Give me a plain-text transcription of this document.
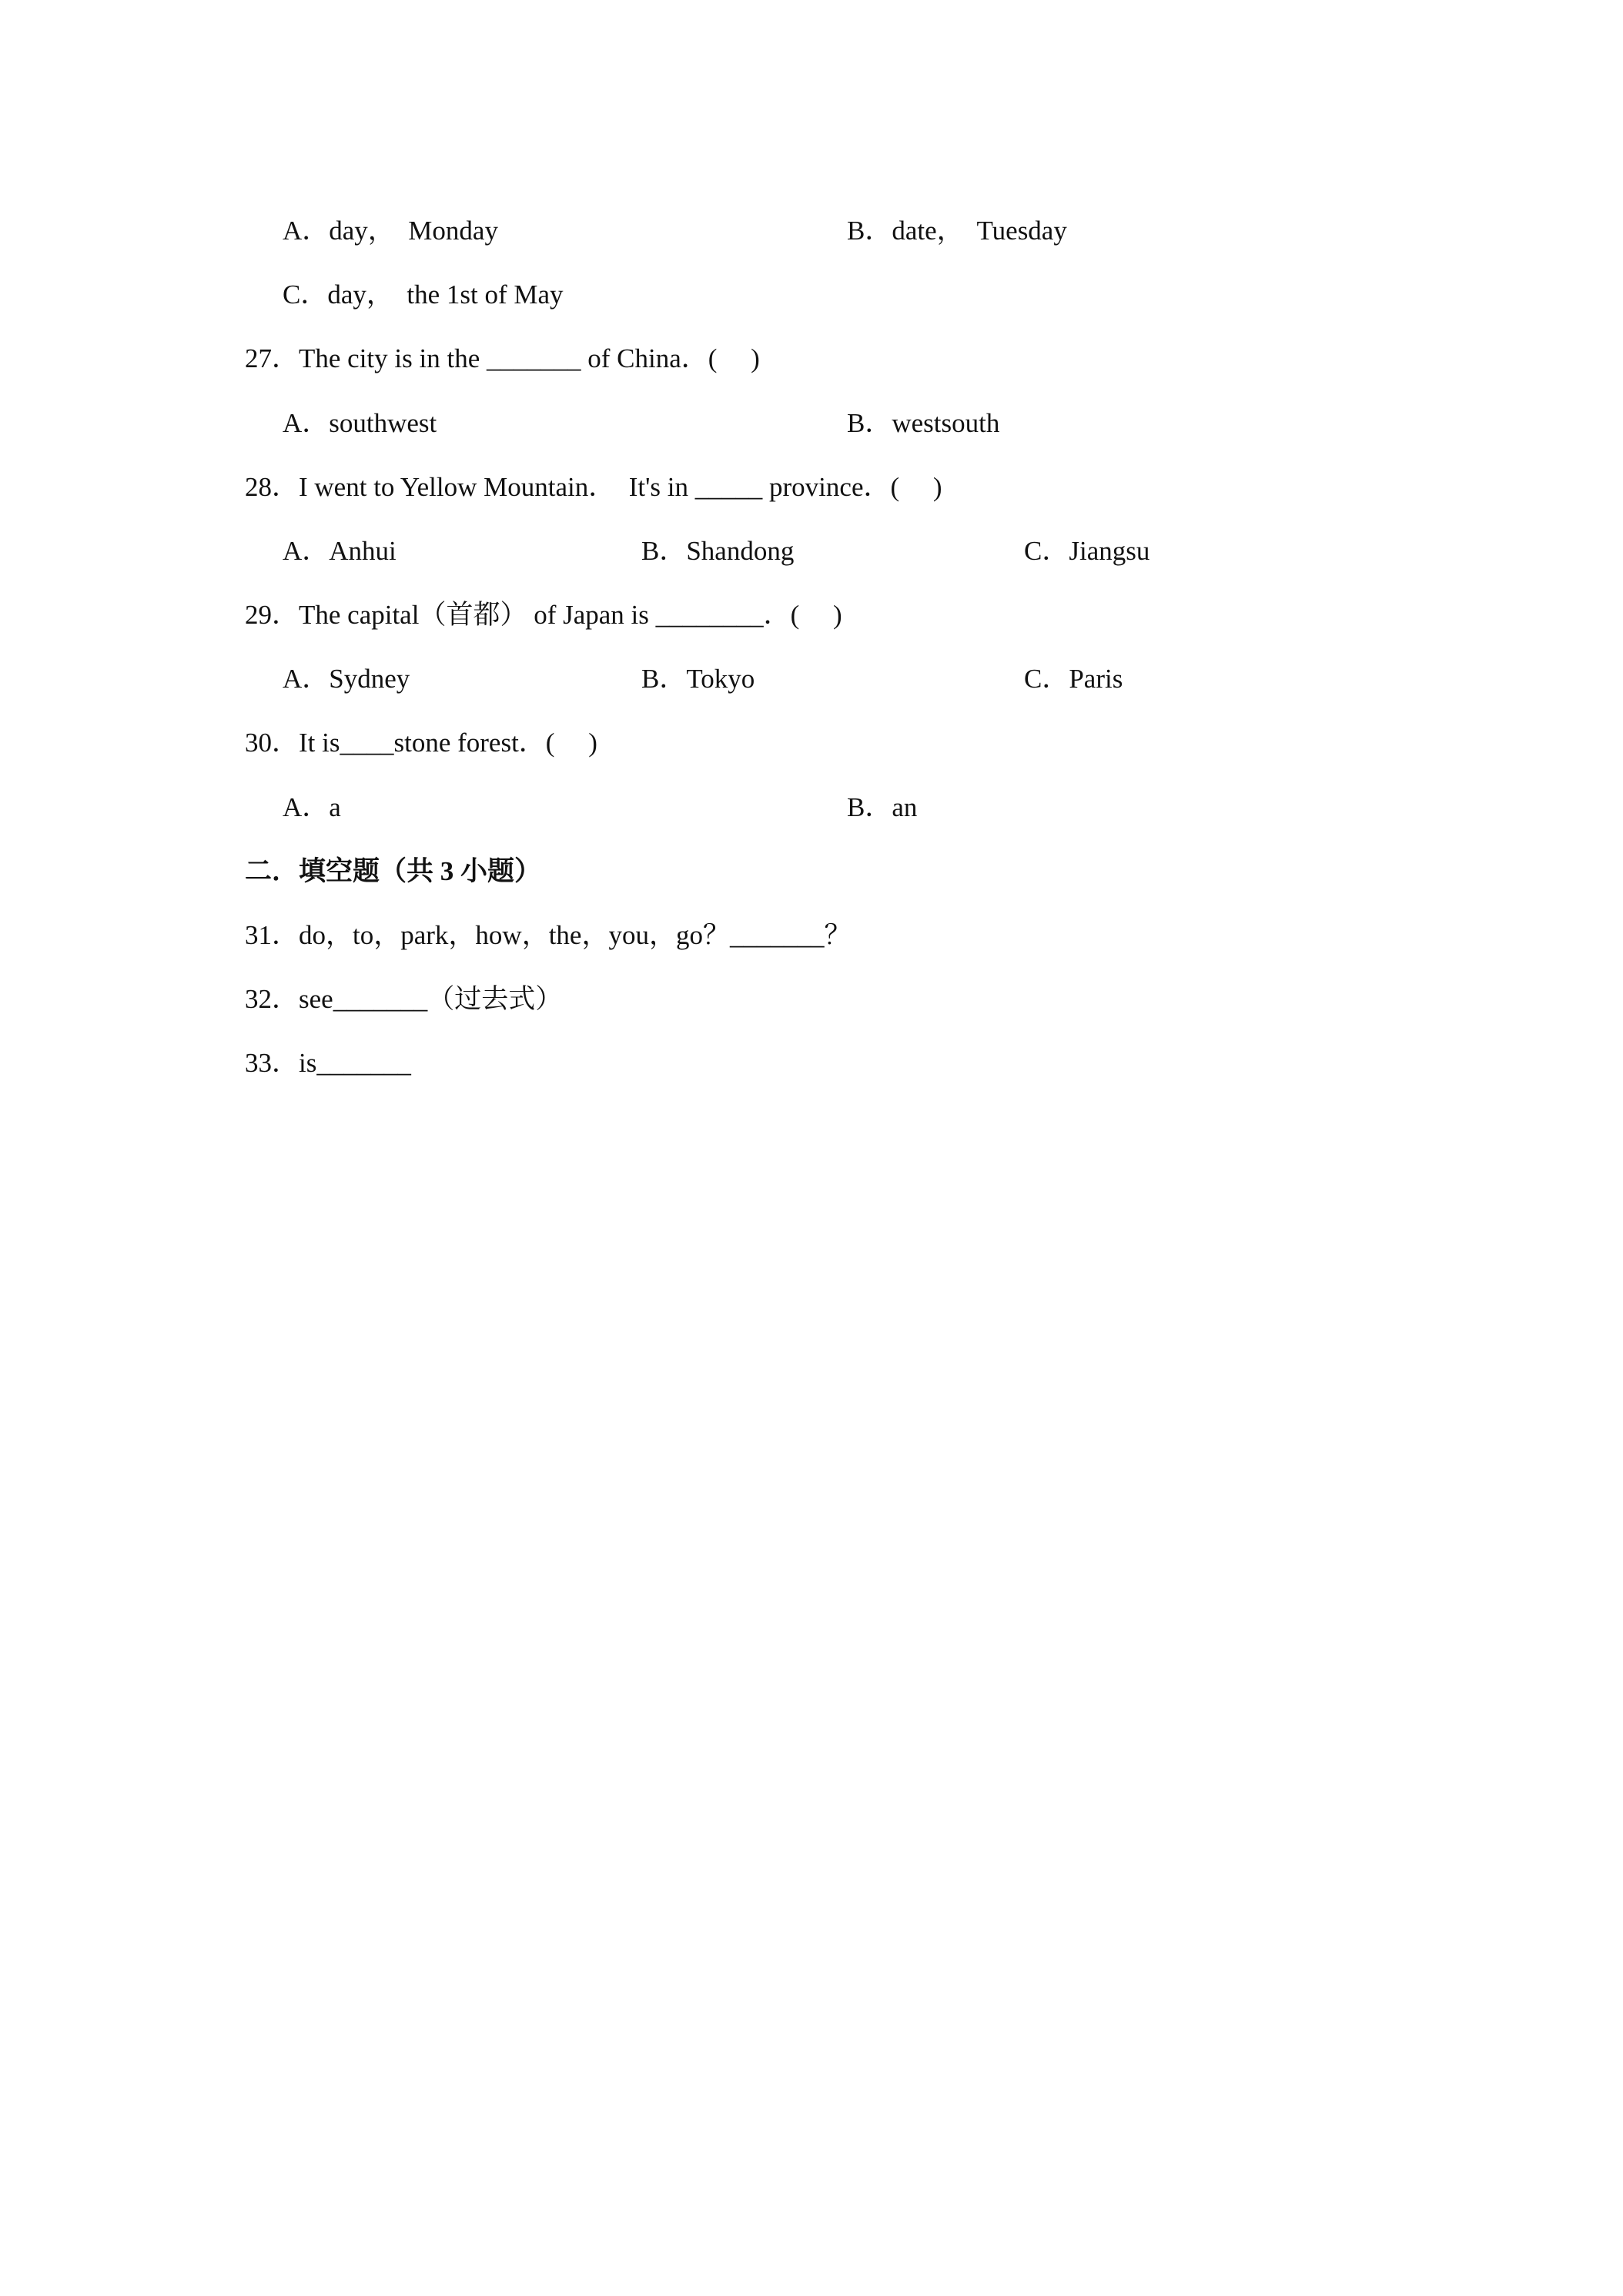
A．day，  Monday	B．date，  Tuesday
C．day，  the 1st of May
27．The city is in the _______ of China．(     )
A．southwest	B．westsouth
28．I went to Yellow Mountain．  It's in _____ province．(     )
A．Anhui	B．Shandong	C．Jiangsu
29．The capital（首都） of Japan is ________．(     )
A．Sydney	B．Tokyo	C．Paris
30．It is____stone forest．(     )
A．a	B．an
二．填空题（共 3 小题）
31．do，to，park，how，the，you，go？_______？
32．see_______（过去式）
33．is_______
